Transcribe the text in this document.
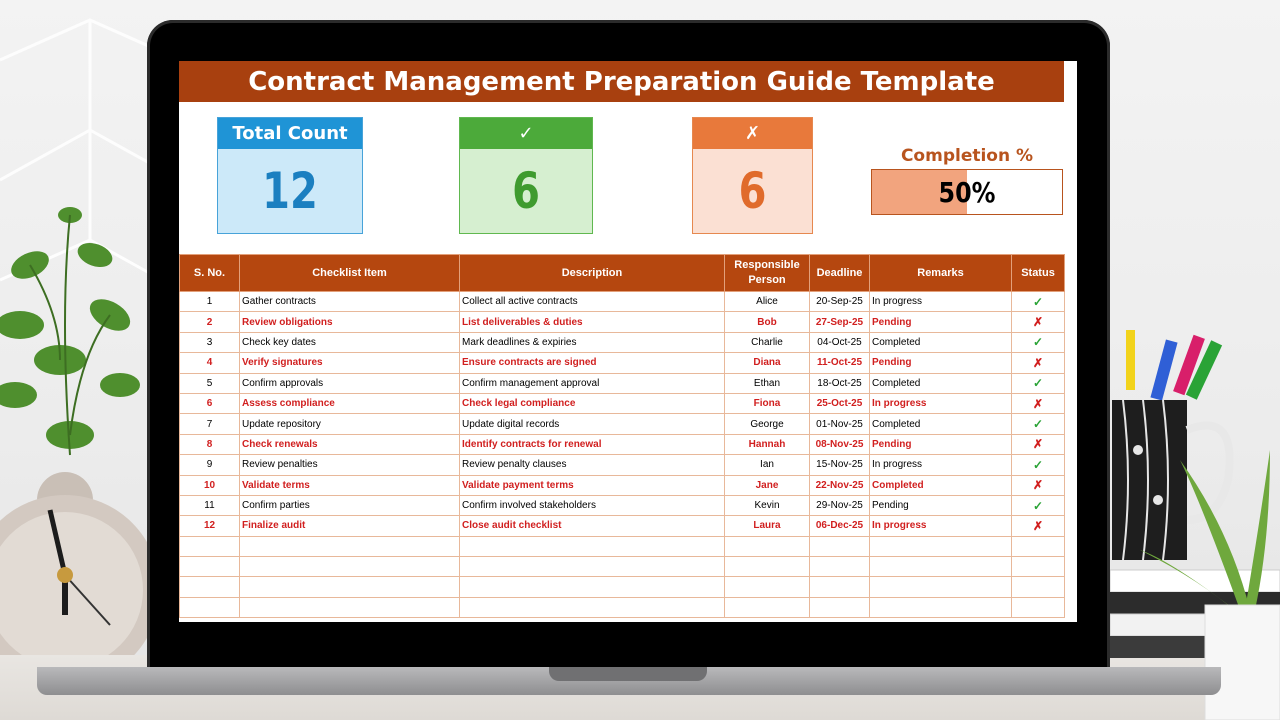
Contract Management Preparation Guide Template
Total Count
12
✓
6
✗
6
Completion %
50%
S. No.	Checklist Item	Description	Responsible Person	Deadline	Remarks	Status
1	Gather contracts	Collect all active contracts	Alice	20-Sep-25	In progress	✓
2	Review obligations	List deliverables & duties	Bob	27-Sep-25	Pending	✗
3	Check key dates	Mark deadlines & expiries	Charlie	04-Oct-25	Completed	✓
4	Verify signatures	Ensure contracts are signed	Diana	11-Oct-25	Pending	✗
5	Confirm approvals	Confirm management approval	Ethan	18-Oct-25	Completed	✓
6	Assess compliance	Check legal compliance	Fiona	25-Oct-25	In progress	✗
7	Update repository	Update digital records	George	01-Nov-25	Completed	✓
8	Check renewals	Identify contracts for renewal	Hannah	08-Nov-25	Pending	✗
9	Review penalties	Review penalty clauses	Ian	15-Nov-25	In progress	✓
10	Validate terms	Validate payment terms	Jane	22-Nov-25	Completed	✗
11	Confirm parties	Confirm involved stakeholders	Kevin	29-Nov-25	Pending	✓
12	Finalize audit	Close audit checklist	Laura	06-Dec-25	In progress	✗
